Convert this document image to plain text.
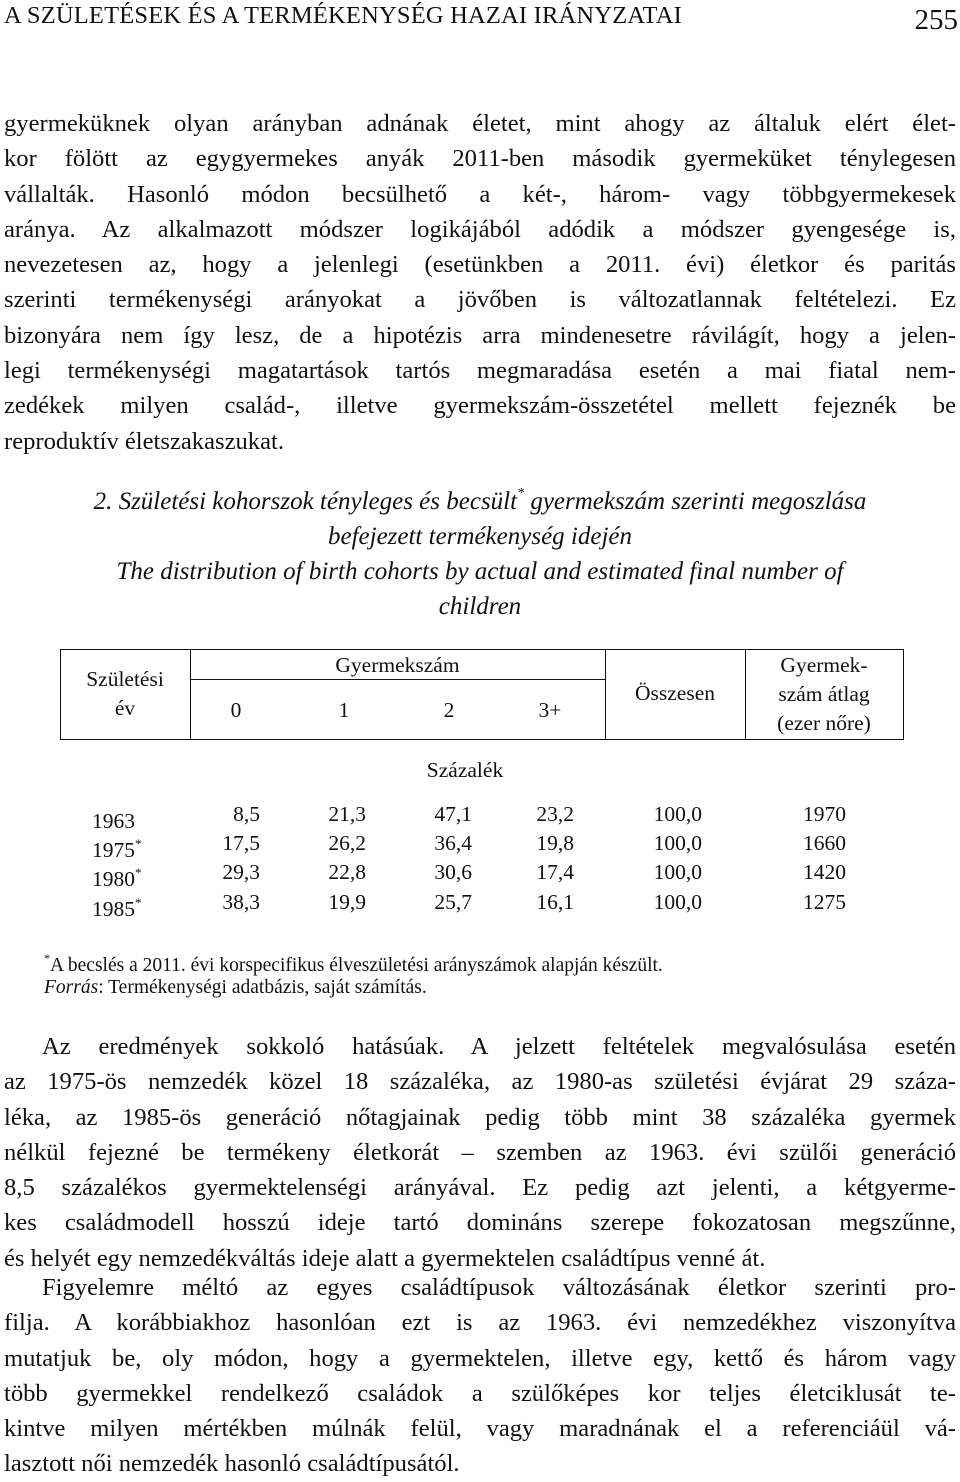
A SZÜLETÉSEK ÉS A TERMÉKENYSÉG HAZAI IRÁNYZATAI	255
gyermeküknek olyan arányban adnának életet, mint ahogy az általuk elért élet-
kor fölött az egygyermekes anyák 2011-ben második gyermeküket ténylegesen
vállalták. Hasonló módon becsülhető a két-, három- vagy többgyermekesek
aránya. Az alkalmazott módszer logikájából adódik a módszer gyengesége is,
nevezetesen az, hogy a jelenlegi (esetünkben a 2011. évi) életkor és paritás
szerinti termékenységi arányokat a jövőben is változatlannak feltételezi. Ez
bizonyára nem így lesz, de a hipotézis arra mindenesetre rávilágít, hogy a jelen-
legi termékenységi magatartások tartós megmaradása esetén a mai fiatal nem-
zedékek milyen család-, illetve gyermekszám-összetétel mellett fejeznék be
reproduktív életszakaszukat.
2. Születési kohorszok tényleges és becsült* gyermekszám szerinti megoszlása
befejezett termékenység idején
The distribution of birth cohorts by actual and estimated final number of
children
Születési
év
Gyermekszám
0	1	2	3+
Összesen
Gyermek-
szám átlag
(ezer nőre)
Százalék
1963	8,5	21,3	47,1	23,2	100,0	1970
1975*	17,5	26,2	36,4	19,8	100,0	1660
1980*	29,3	22,8	30,6	17,4	100,0	1420
1985*	38,3	19,9	25,7	16,1	100,0	1275
*A becslés a 2011. évi korspecifikus élveszületési arányszámok alapján készült.
Forrás: Termékenységi adatbázis, saját számítás.
Az eredmények sokkoló hatásúak. A jelzett feltételek megvalósulása esetén
az 1975-ös nemzedék közel 18 százaléka, az 1980-as születési évjárat 29 száza-
léka, az 1985-ös generáció nőtagjainak pedig több mint 38 százaléka gyermek
nélkül fejezné be termékeny életkorát – szemben az 1963. évi szülői generáció
8,5 százalékos gyermektelenségi arányával. Ez pedig azt jelenti, a kétgyerme-
kes családmodell hosszú ideje tartó domináns szerepe fokozatosan megszűnne,
és helyét egy nemzedékváltás ideje alatt a gyermektelen családtípus venné át.
Figyelemre méltó az egyes családtípusok változásának életkor szerinti pro-
filja. A korábbiakhoz hasonlóan ezt is az 1963. évi nemzedékhez viszonyítva
mutatjuk be, oly módon, hogy a gyermektelen, illetve egy, kettő és három vagy
több gyermekkel rendelkező családok a szülőképes kor teljes életciklusát te-
kintve milyen mértékben múlnák felül, vagy maradnának el a referenciáül vá-
lasztott női nemzedék hasonló családtípusától.
